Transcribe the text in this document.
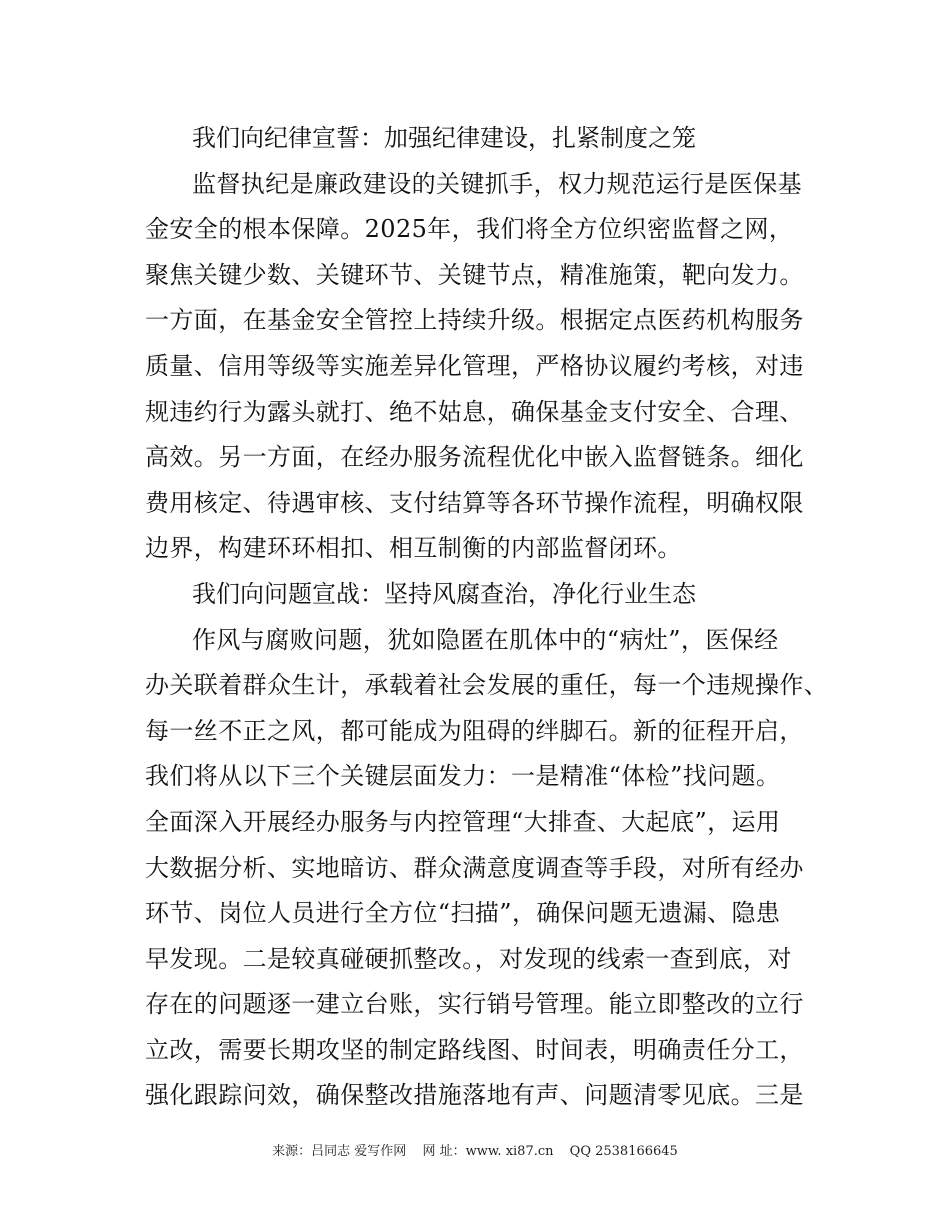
我们向纪律宣誓：加强纪律建设，扎紧制度之笼

监督执纪是廉政建设的关键抓手，权力规范运行是医保基

金安全的根本保障。2025年，我们将全方位织密监督之网，

聚焦关键少数、关键环节、关键节点，精准施策，靶向发力。

一方面，在基金安全管控上持续升级。根据定点医药机构服务

质量、信用等级等实施差异化管理，严格协议履约考核，对违

规违约行为露头就打、绝不姑息，确保基金支付安全、合理、

高效。另一方面，在经办服务流程优化中嵌入监督链条。细化

费用核定、待遇审核、支付结算等各环节操作流程，明确权限

边界，构建环环相扣、相互制衡的内部监督闭环。

我们向问题宣战：坚持风腐查治，净化行业生态

作风与腐败问题，犹如隐匿在肌体中的“病灶”，医保经

办关联着群众生计，承载着社会发展的重任，每一个违规操作、

每一丝不正之风，都可能成为阻碍的绊脚石。新的征程开启，

我们将从以下三个关键层面发力：一是精准“体检”找问题。

全面深入开展经办服务与内控管理“大排查、大起底”，运用

大数据分析、实地暗访、群众满意度调查等手段，对所有经办

环节、岗位人员进行全方位“扫描”，确保问题无遗漏、隐患

早发现。二是较真碰硬抓整改。，对发现的线索一查到底，对

存在的问题逐一建立台账，实行销号管理。能立即整改的立行

立改，需要长期攻坚的制定路线图、时间表，明确责任分工，

强化跟踪问效，确保整改措施落地有声、问题清零见底。三是

来源：吕同志 爱写作网 网 址：www. xi87.cn QQ 2538166645
